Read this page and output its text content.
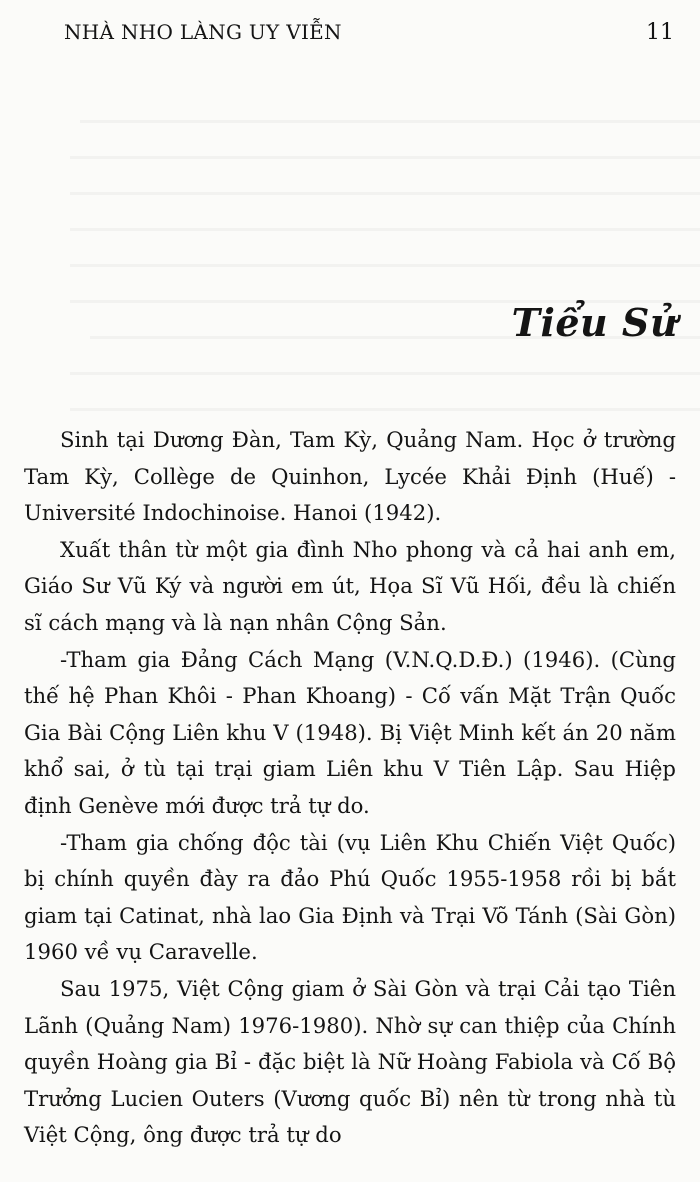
NHÀ NHO LÀNG UY VIỄN	11
Tiểu Sử

Sinh tại Dương Đàn, Tam Kỳ, Quảng Nam. Học ở trường Tam Kỳ, Collège de Quinhon, Lycée Khải Định (Huế) - Université Indochinoise. Hanoi (1942).

Xuất thân từ một gia đình Nho phong và cả hai anh em, Giáo Sư Vũ Ký và người em út, Họa Sĩ Vũ Hối, đều là chiến sĩ cách mạng và là nạn nhân Cộng Sản.

-Tham gia Đảng Cách Mạng (V.N.Q.D.Đ.) (1946). (Cùng thế hệ Phan Khôi - Phan Khoang) - Cố vấn Mặt Trận Quốc Gia Bài Cộng Liên khu V (1948). Bị Việt Minh kết án 20 năm khổ sai, ở tù tại trại giam Liên khu V Tiên Lập. Sau Hiệp định Genève mới được trả tự do.

-Tham gia chống độc tài (vụ Liên Khu Chiến Việt Quốc) bị chính quyền đày ra đảo Phú Quốc 1955-1958 rồi bị bắt giam tại Catinat, nhà lao Gia Định và Trại Võ Tánh (Sài Gòn) 1960 về vụ Caravelle.

Sau 1975, Việt Cộng giam ở Sài Gòn và trại Cải tạo Tiên Lãnh (Quảng Nam) 1976-1980). Nhờ sự can thiệp của Chính quyền Hoàng gia Bỉ - đặc biệt là Nữ Hoàng Fabiola và Cố Bộ Trưởng Lucien Outers (Vương quốc Bỉ) nên từ trong nhà tù Việt Cộng, ông được trả tự do
